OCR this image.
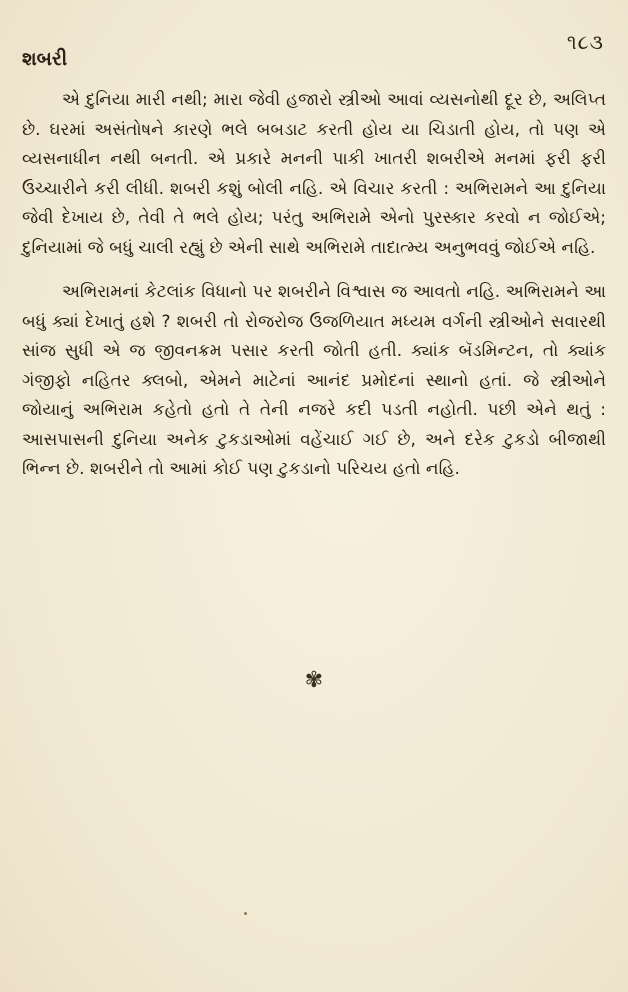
શબરી
૧૮૩

એ દુનિયા મારી નથી; મારા જેવી હજારો સ્ત્રીઓ આવાં વ્યસનોથી દૂર છે, અલિપ્ત છે. ઘરમાં અસંતોષને કારણે ભલે બબડાટ કરતી હોય યા ચિડાતી હોય, તો પણ એ વ્યસનાધીન નથી બનતી. એ પ્રકારે મનની પાકી ખાતરી શબરીએ મનમાં ફરી ફરી ઉચ્ચારીને કરી લીધી. શબરી કશું બોલી નહિ. એ વિચાર કરતી : અભિરામને આ દુનિયા જેવી દેખાય છે, તેવી તે ભલે હોય; પરંતુ અભિરામે એનો પુરસ્કાર કરવો ન જોઈએ; દુનિયામાં જે બધું ચાલી રહ્યું છે એની સાથે અભિરામે તાદાત્મ્ય અનુભવવું જોઈએ નહિ.

અભિરામનાં કેટલાંક વિધાનો પર શબરીને વિશ્વાસ જ આવતો નહિ. અભિરામને આ બધું ક્યાં દેખાતું હશે ? શબરી તો રોજરોજ ઉજળિયાત મધ્યમ વર્ગની સ્ત્રીઓને સવારથી સાંજ સુધી એ જ જીવનક્રમ પસાર કરતી જોતી હતી. ક્યાંક બૅડમિન્ટન, તો ક્યાંક ગંજીફો નહિતર ક્લબો, એમને માટેનાં આનંદ પ્રમોદનાં સ્થાનો હતાં. જે સ્ત્રીઓને જોયાનું અભિરામ કહેતો હતો તે તેની નજરે કદી પડતી નહોતી. પછી એને થતું : આસપાસની દુનિયા અનેક ટુકડાઓમાં વહેંચાઈ ગઈ છે, અને દરેક ટુકડો બીજાથી ભિન્ન છે. શબરીને તો આમાં કોઈ પણ ટુકડાનો પરિચય હતો નહિ.

✾
